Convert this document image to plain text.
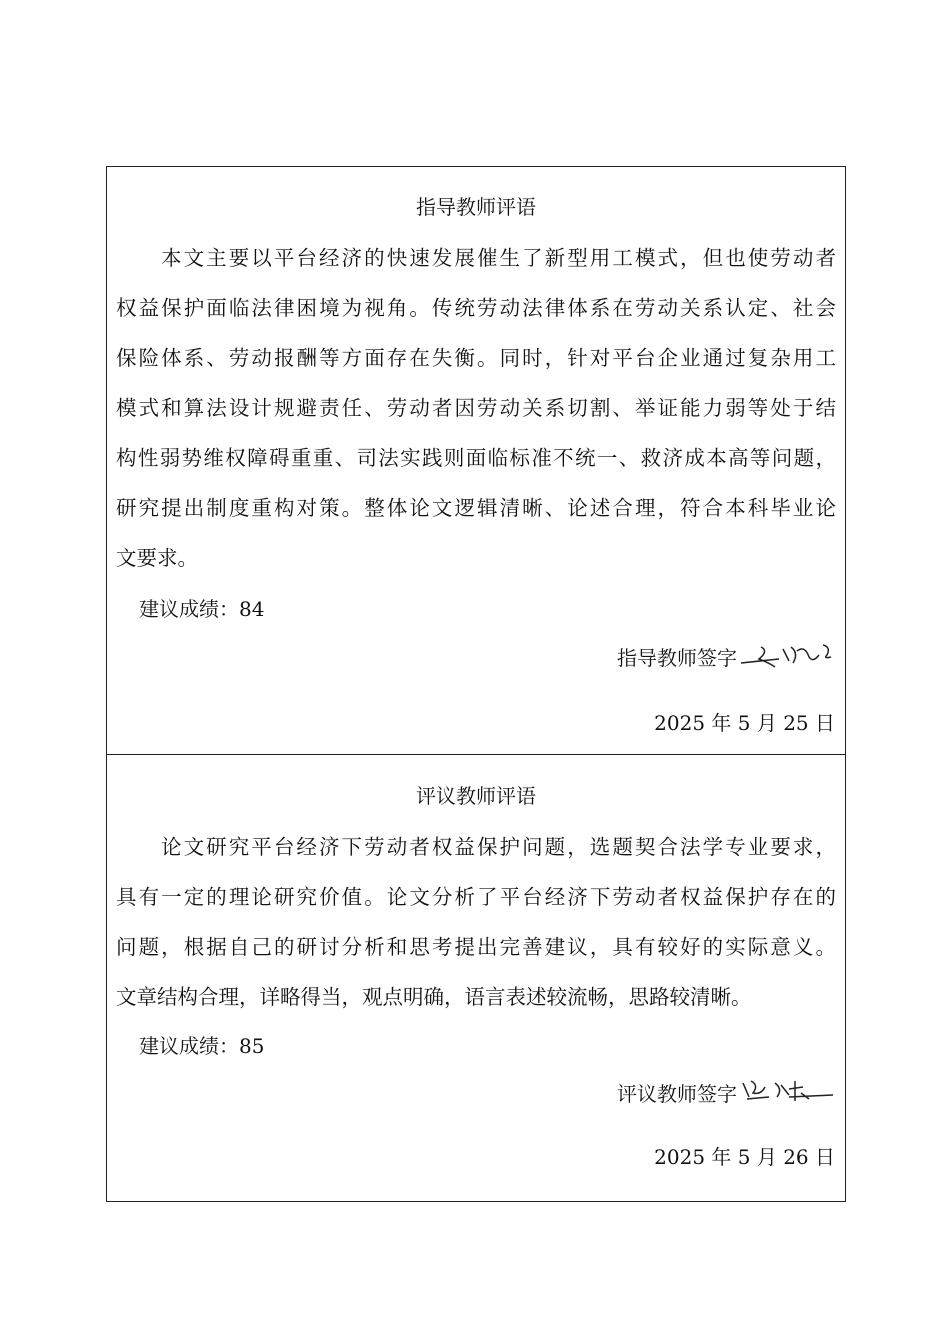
指导教师评语
本文主要以平台经济的快速发展催生了新型用工模式，但也使劳动者
权益保护面临法律困境为视角。传统劳动法律体系在劳动关系认定、社会
保险体系、劳动报酬等方面存在失衡。同时，针对平台企业通过复杂用工
模式和算法设计规避责任、劳动者因劳动关系切割、举证能力弱等处于结
构性弱势维权障碍重重、司法实践则面临标准不统一、救济成本高等问题，
研究提出制度重构对策。整体论文逻辑清晰、论述合理，符合本科毕业论
文要求。
建议成绩：84
指导教师签字
2025 年 5 月 25 日
评议教师评语
论文研究平台经济下劳动者权益保护问题，选题契合法学专业要求，
具有一定的理论研究价值。论文分析了平台经济下劳动者权益保护存在的
问题，根据自己的研讨分析和思考提出完善建议，具有较好的实际意义。
文章结构合理，详略得当，观点明确，语言表述较流畅，思路较清晰。
建议成绩：85
评议教师签字
2025 年 5 月 26 日
